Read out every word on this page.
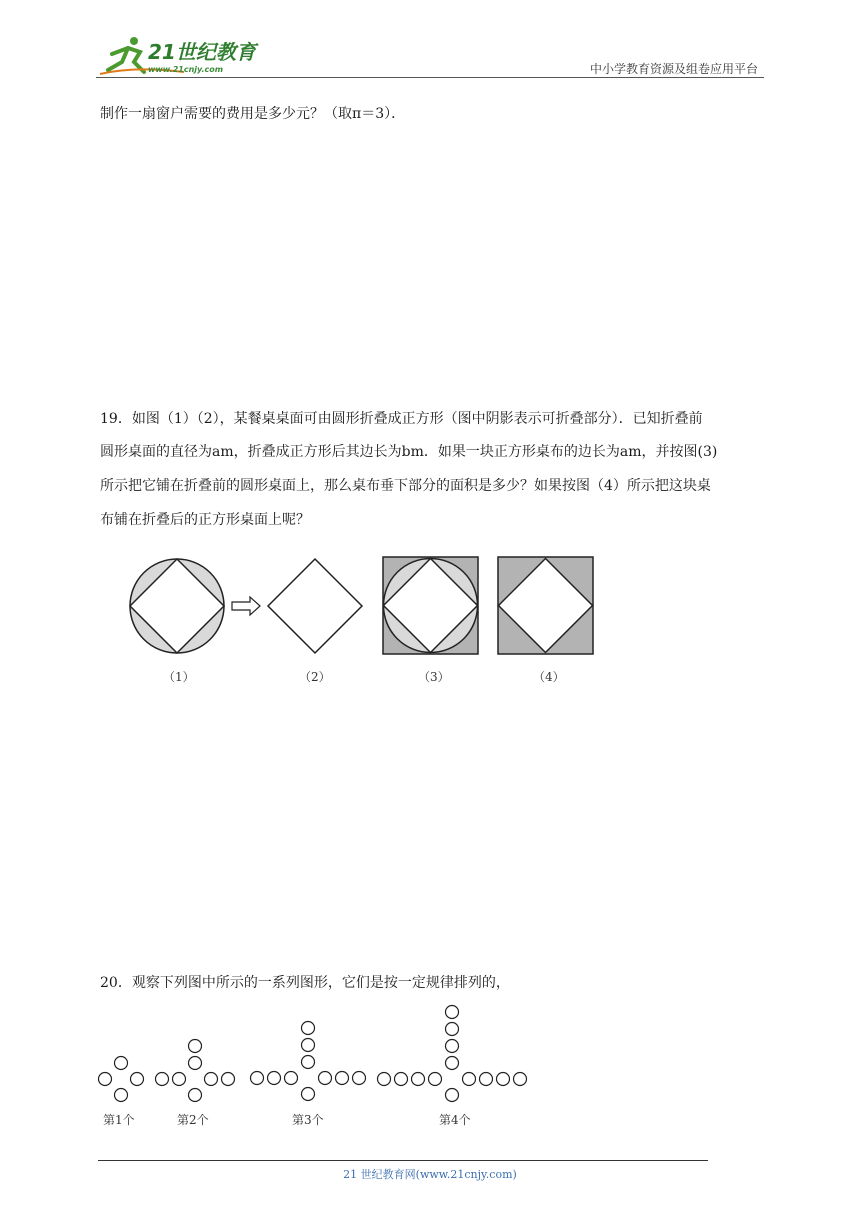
21世纪教育
www.21cnjy.com	中小学教育资源及组卷应用平台
制作一扇窗户需要的费用是多少元？（取π＝3）．
19．如图（1）（2），某餐桌桌面可由圆形折叠成正方形（图中阴影表示可折叠部分）．已知折叠前
圆形桌面的直径为am，折叠成正方形后其边长为bm．如果一块正方形桌布的边长为am，并按图(3)
所示把它铺在折叠前的圆形桌面上，那么桌布垂下部分的面积是多少？如果按图（4）所示把这块桌
布铺在折叠后的正方形桌面上呢？
（1）	（2）	（3）	（4）
20．观察下列图中所示的一系列图形，它们是按一定规律排列的，
第1个	第2个	第3个	第4个
21 世纪教育网(www.21cnjy.com)
